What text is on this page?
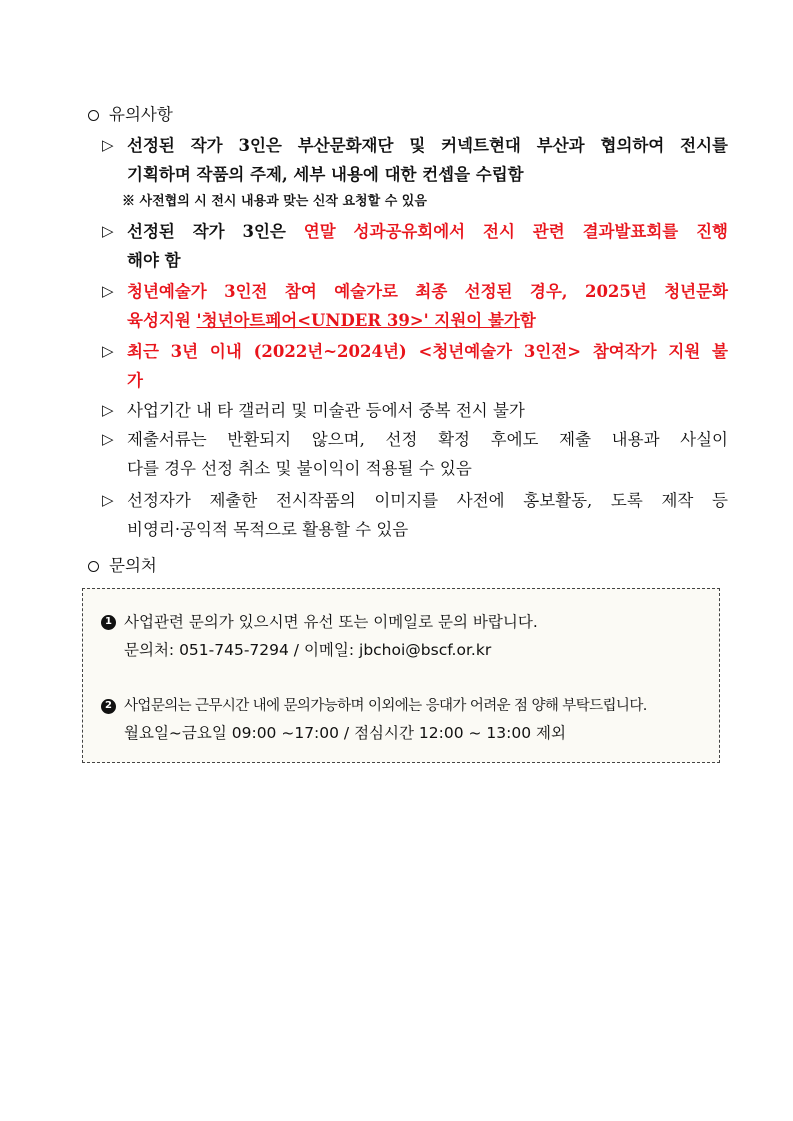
유의사항
▷ 선정된 작가 3인은 부산문화재단 및 커넥트현대 부산과 협의하여 전시를
기획하며 작품의 주제, 세부 내용에 대한 컨셉을 수립함
※ 사전협의 시 전시 내용과 맞는 신작 요청할 수 있음
▷ 선정된 작가 3인은 연말 성과공유회에서 전시 관련 결과발표회를 진행
해야 함
▷ 청년예술가 3인전 참여 예술가로 최종 선정된 경우, 2025년 청년문화
육성지원 '청년아트페어<UNDER 39>' 지원이 불가함
▷ 최근 3년 이내 (2022년~2024년) <청년예술가 3인전> 참여작가 지원 불
가
▷ 사업기간 내 타 갤러리 및 미술관 등에서 중복 전시 불가
▷ 제출서류는 반환되지 않으며, 선정 확정 후에도 제출 내용과 사실이
다를 경우 선정 취소 및 불이익이 적용될 수 있음
▷ 선정자가 제출한 전시작품의 이미지를 사전에 홍보활동, 도록 제작 등
비영리·공익적 목적으로 활용할 수 있음
문의처
1 사업관련 문의가 있으시면 유선 또는 이메일로 문의 바랍니다.
문의처: 051-745-7294 / 이메일: jbchoi@bscf.or.kr
2 사업문의는 근무시간 내에 문의가능하며 이외에는 응대가 어려운 점 양해 부탁드립니다.
월요일~금요일 09:00 ~17:00 / 점심시간 12:00 ~ 13:00 제외
